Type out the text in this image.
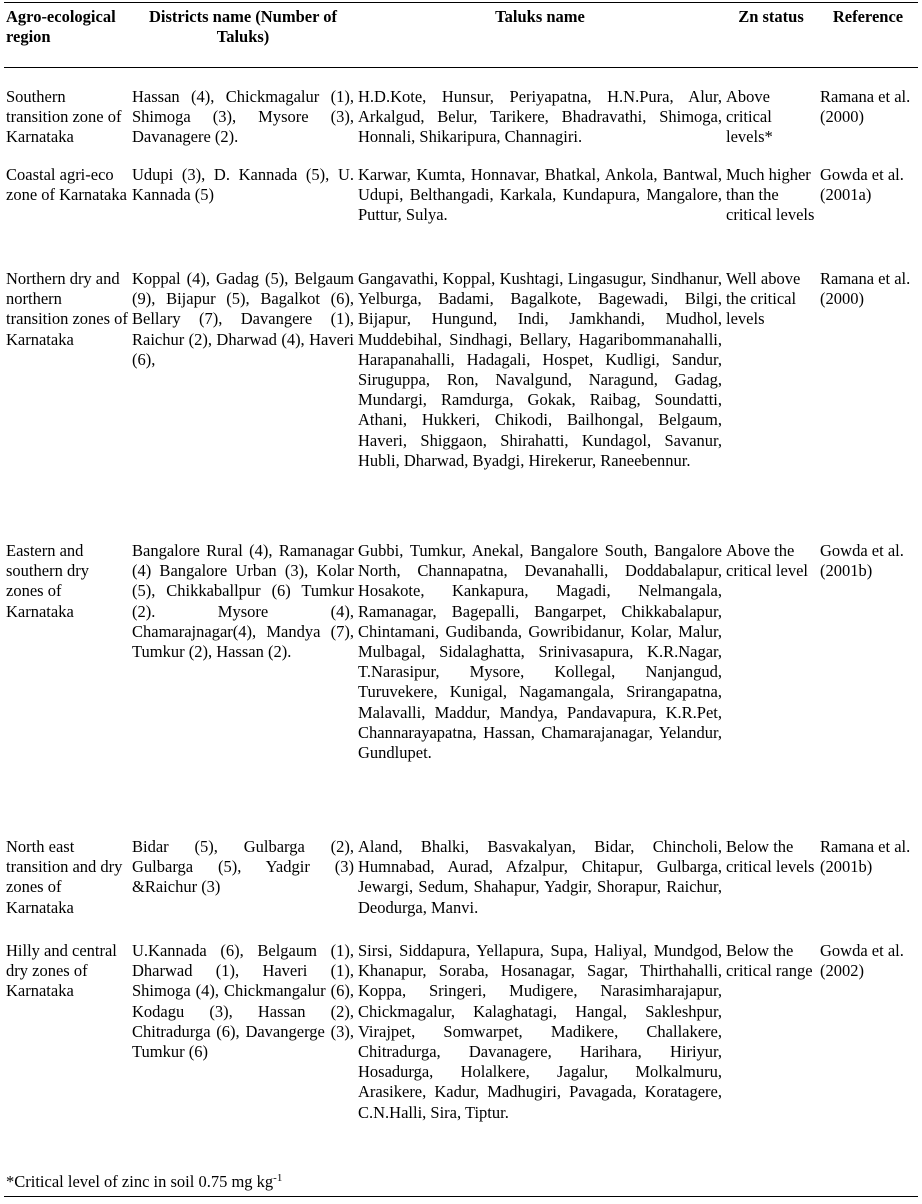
Agro-ecological region	Districts name (Number of Taluks)	Taluks name	Zn status	Reference
Southern transition zone of Karnataka	Hassan (4), Chickmagalur (1), Shimoga (3), Mysore (3), Davanagere (2).	H.D.Kote, Hunsur, Periyapatna, H.N.Pura, Alur, Arkalgud, Belur, Tarikere, Bhadravathi, Shimoga, Honnali, Shikaripura, Channagiri.	Above critical levels*	Ramana et al. (2000)
Coastal agri-eco zone of Karnataka	Udupi (3), D. Kannada (5), U. Kannada (5)	Karwar, Kumta, Honnavar, Bhatkal, Ankola, Bantwal, Udupi, Belthangadi, Karkala, Kundapura, Mangalore, Puttur, Sulya.	Much higher than the critical levels	Gowda et al. (2001a)
Northern dry and northern transition zones of Karnataka	Koppal (4), Gadag (5), Belgaum (9), Bijapur (5), Bagalkot (6), Bellary (7), Davangere (1), Raichur (2), Dharwad (4), Haveri (6),	Gangavathi, Koppal, Kushtagi, Lingasugur, Sindhanur, Yelburga, Badami, Bagalkote, Bagewadi, Bilgi, Bijapur, Hungund, Indi, Jamkhandi, Mudhol, Muddebihal, Sindhagi, Bellary, Hagaribommanahalli, Harapanahalli, Hadagali, Hospet, Kudligi, Sandur, Siruguppa, Ron, Navalgund, Naragund, Gadag, Mundargi, Ramdurga, Gokak, Raibag, Soundatti, Athani, Hukkeri, Chikodi, Bailhongal, Belgaum, Haveri, Shiggaon, Shirahatti, Kundagol, Savanur, Hubli, Dharwad, Byadgi, Hirekerur, Raneebennur.	Well above the critical levels	Ramana et al. (2000)
Eastern and southern dry zones of Karnataka	Bangalore Rural (4), Ramanagar (4) Bangalore Urban (3), Kolar (5), Chikkaballpur (6) Tumkur (2). Mysore (4), Chamarajnagar(4), Mandya (7), Tumkur (2), Hassan (2).	Gubbi, Tumkur, Anekal, Bangalore South, Bangalore North, Channapatna, Devanahalli, Doddabalapur, Hosakote, Kankapura, Magadi, Nelmangala, Ramanagar, Bagepalli, Bangarpet, Chikkabalapur, Chintamani, Gudibanda, Gowribidanur, Kolar, Malur, Mulbagal, Sidalaghatta, Srinivasapura, K.R.Nagar, T.Narasipur, Mysore, Kollegal, Nanjangud, Turuvekere, Kunigal, Nagamangala, Srirangapatna, Malavalli, Maddur, Mandya, Pandavapura, K.R.Pet, Channarayapatna, Hassan, Chamarajanagar, Yelandur, Gundlupet.	Above the critical level	Gowda et al. (2001b)
North east transition and dry zones of Karnataka	Bidar (5), Gulbarga (2), Gulbarga (5), Yadgir (3) &Raichur (3)	Aland, Bhalki, Basvakalyan, Bidar, Chincholi, Humnabad, Aurad, Afzalpur, Chitapur, Gulbarga, Jewargi, Sedum, Shahapur, Yadgir, Shorapur, Raichur, Deodurga, Manvi.	Below the critical levels	Ramana et al. (2001b)
Hilly and central dry zones of Karnataka	U.Kannada (6), Belgaum (1), Dharwad (1), Haveri (1), Shimoga (4), Chickmangalur (6), Kodagu (3), Hassan (2), Chitradurga (6), Davangerge (3), Tumkur (6)	Sirsi, Siddapura, Yellapura, Supa, Haliyal, Mundgod, Khanapur, Soraba, Hosanagar, Sagar, Thirthahalli, Koppa, Sringeri, Mudigere, Narasimharajapur, Chickmagalur, Kalaghatagi, Hangal, Sakleshpur, Virajpet, Somwarpet, Madikere, Challakere, Chitradurga, Davanagere, Harihara, Hiriyur, Hosadurga, Holalkere, Jagalur, Molkalmuru, Arasikere, Kadur, Madhugiri, Pavagada, Koratagere, C.N.Halli, Sira, Tiptur.	Below the critical range	Gowda et al. (2002)
*Critical level of zinc in soil 0.75 mg $kg^{-1}$
